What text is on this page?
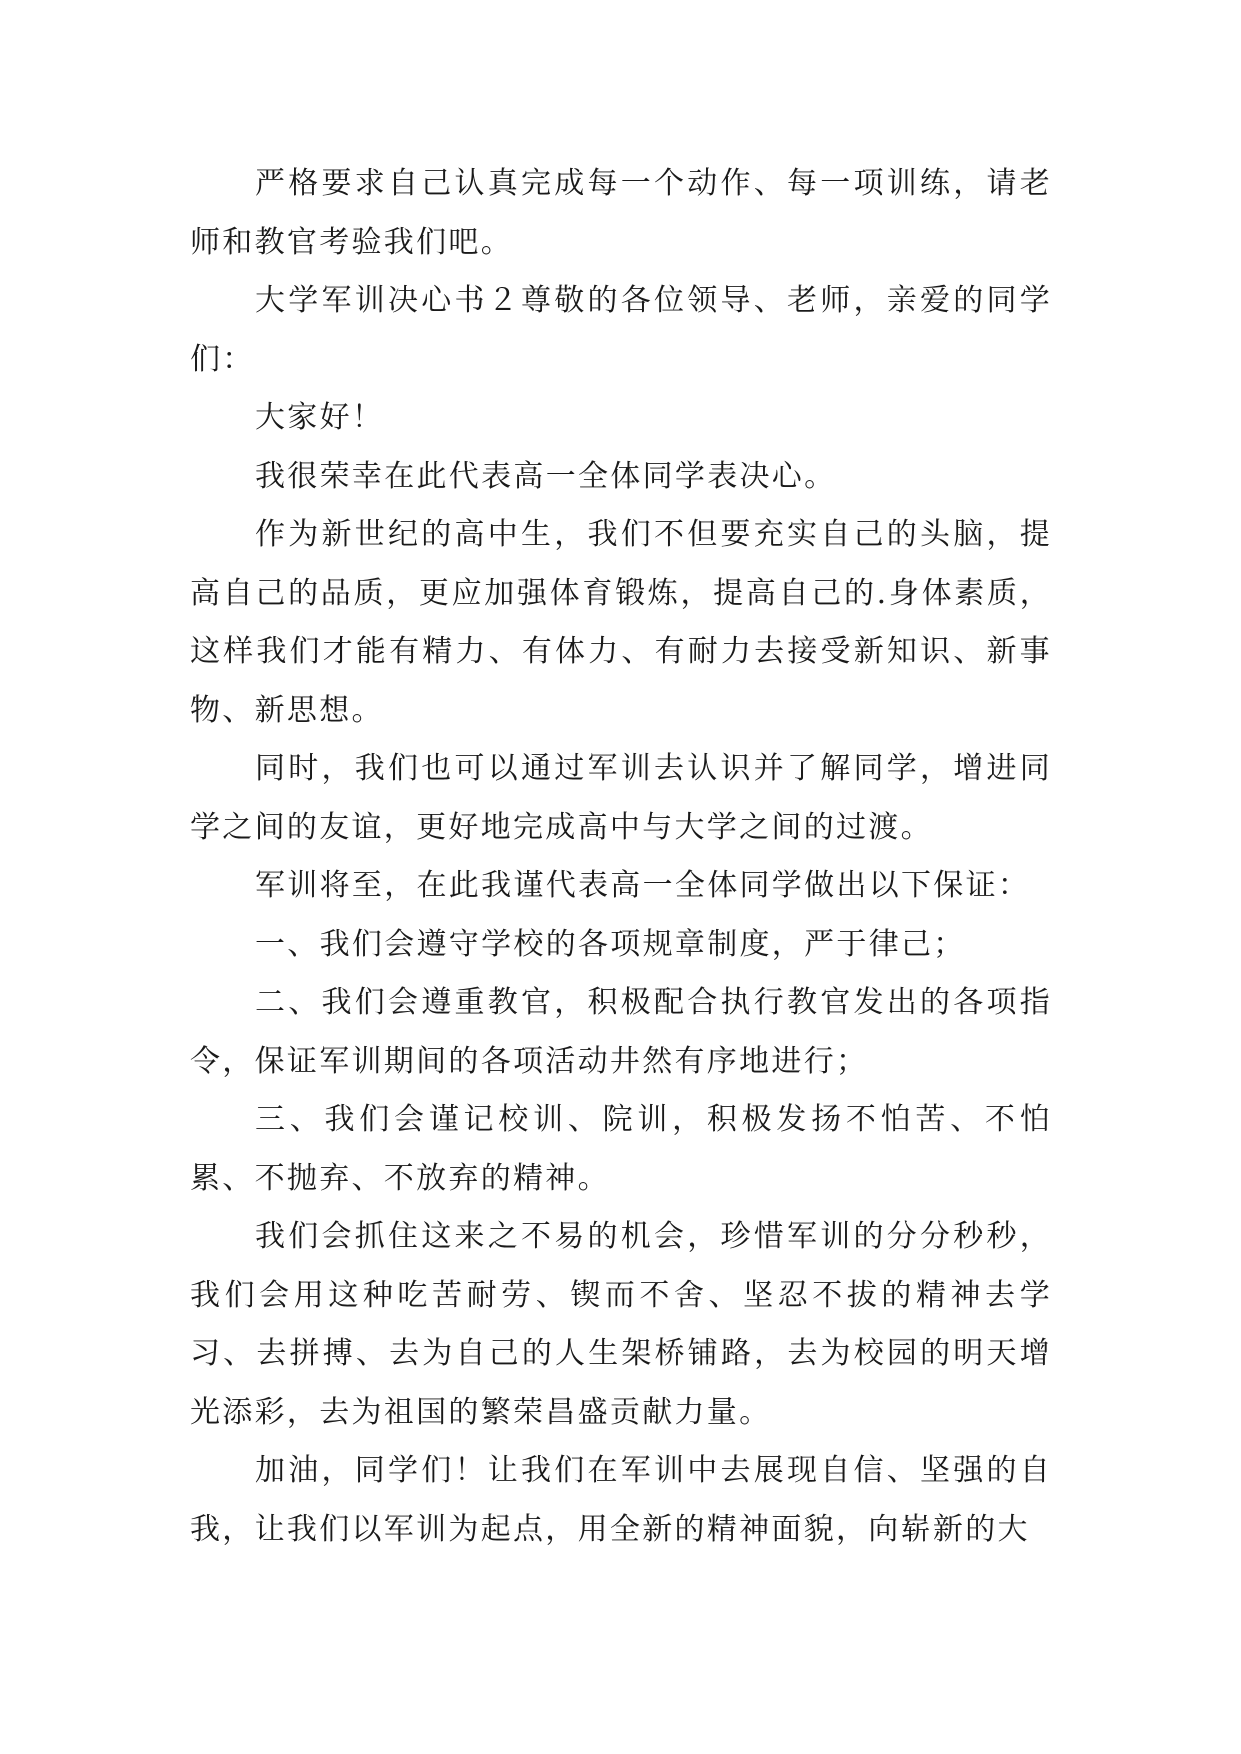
严格要求自己认真完成每一个动作、每一项训练，请老师和教官考验我们吧。

大学军训决心书２尊敬的各位领导、老师，亲爱的同学们：

大家好！

我很荣幸在此代表高一全体同学表决心。

作为新世纪的高中生，我们不但要充实自己的头脑，提高自己的品质，更应加强体育锻炼，提高自己的.身体素质，这样我们才能有精力、有体力、有耐力去接受新知识、新事物、新思想。

同时，我们也可以通过军训去认识并了解同学，增进同学之间的友谊，更好地完成高中与大学之间的过渡。

军训将至，在此我谨代表高一全体同学做出以下保证：

一、我们会遵守学校的各项规章制度，严于律己；

二、我们会遵重教官，积极配合执行教官发出的各项指令，保证军训期间的各项活动井然有序地进行；

三、我们会谨记校训、院训，积极发扬不怕苦、不怕累、不抛弃、不放弃的精神。

我们会抓住这来之不易的机会，珍惜军训的分分秒秒，我们会用这种吃苦耐劳、锲而不舍、坚忍不拔的精神去学习、去拼搏、去为自己的人生架桥铺路，去为校园的明天增光添彩，去为祖国的繁荣昌盛贡献力量。

加油，同学们！让我们在军训中去展现自信、坚强的自我，让我们以军训为起点，用全新的精神面貌，向崭新的大
